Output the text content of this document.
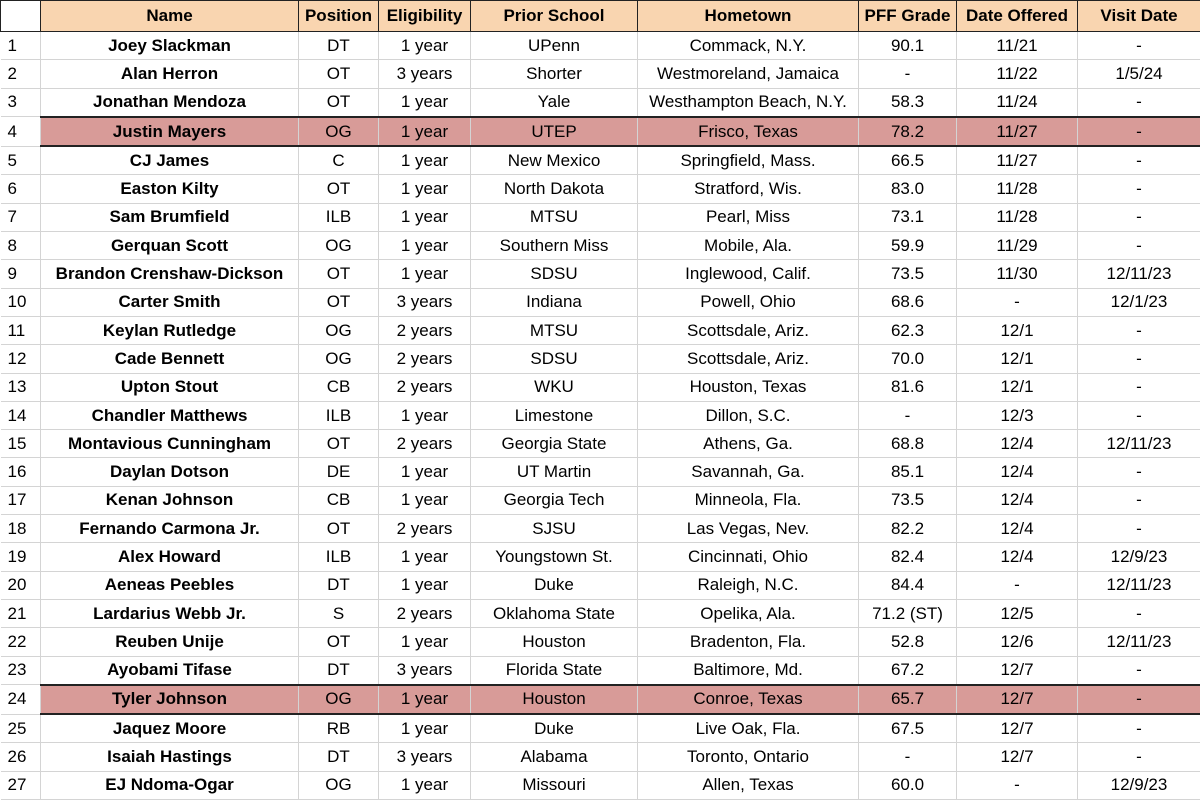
	Name	Position	Eligibility	Prior School	Hometown	PFF Grade	Date Offered	Visit Date
1	Joey Slackman	DT	1 year	UPenn	Commack, N.Y.	90.1	11/21	-
2	Alan Herron	OT	3 years	Shorter	Westmoreland, Jamaica	-	11/22	1/5/24
3	Jonathan Mendoza	OT	1 year	Yale	Westhampton Beach, N.Y.	58.3	11/24	-
4	Justin Mayers	OG	1 year	UTEP	Frisco, Texas	78.2	11/27	-
5	CJ James	C	1 year	New Mexico	Springfield, Mass.	66.5	11/27	-
6	Easton Kilty	OT	1 year	North Dakota	Stratford, Wis.	83.0	11/28	-
7	Sam Brumfield	ILB	1 year	MTSU	Pearl, Miss	73.1	11/28	-
8	Gerquan Scott	OG	1 year	Southern Miss	Mobile, Ala.	59.9	11/29	-
9	Brandon Crenshaw-Dickson	OT	1 year	SDSU	Inglewood, Calif.	73.5	11/30	12/11/23
10	Carter Smith	OT	3 years	Indiana	Powell, Ohio	68.6	-	12/1/23
11	Keylan Rutledge	OG	2 years	MTSU	Scottsdale, Ariz.	62.3	12/1	-
12	Cade Bennett	OG	2 years	SDSU	Scottsdale, Ariz.	70.0	12/1	-
13	Upton Stout	CB	2 years	WKU	Houston, Texas	81.6	12/1	-
14	Chandler Matthews	ILB	1 year	Limestone	Dillon, S.C.	-	12/3	-
15	Montavious Cunningham	OT	2 years	Georgia State	Athens, Ga.	68.8	12/4	12/11/23
16	Daylan Dotson	DE	1 year	UT Martin	Savannah, Ga.	85.1	12/4	-
17	Kenan Johnson	CB	1 year	Georgia Tech	Minneola, Fla.	73.5	12/4	-
18	Fernando Carmona Jr.	OT	2 years	SJSU	Las Vegas, Nev.	82.2	12/4	-
19	Alex Howard	ILB	1 year	Youngstown St.	Cincinnati, Ohio	82.4	12/4	12/9/23
20	Aeneas Peebles	DT	1 year	Duke	Raleigh, N.C.	84.4	-	12/11/23
21	Lardarius Webb Jr.	S	2 years	Oklahoma State	Opelika, Ala.	71.2 (ST)	12/5	-
22	Reuben Unije	OT	1 year	Houston	Bradenton, Fla.	52.8	12/6	12/11/23
23	Ayobami Tifase	DT	3 years	Florida State	Baltimore, Md.	67.2	12/7	-
24	Tyler Johnson	OG	1 year	Houston	Conroe, Texas	65.7	12/7	-
25	Jaquez Moore	RB	1 year	Duke	Live Oak, Fla.	67.5	12/7	-
26	Isaiah Hastings	DT	3 years	Alabama	Toronto, Ontario	-	12/7	-
27	EJ Ndoma-Ogar	OG	1 year	Missouri	Allen, Texas	60.0	-	12/9/23
